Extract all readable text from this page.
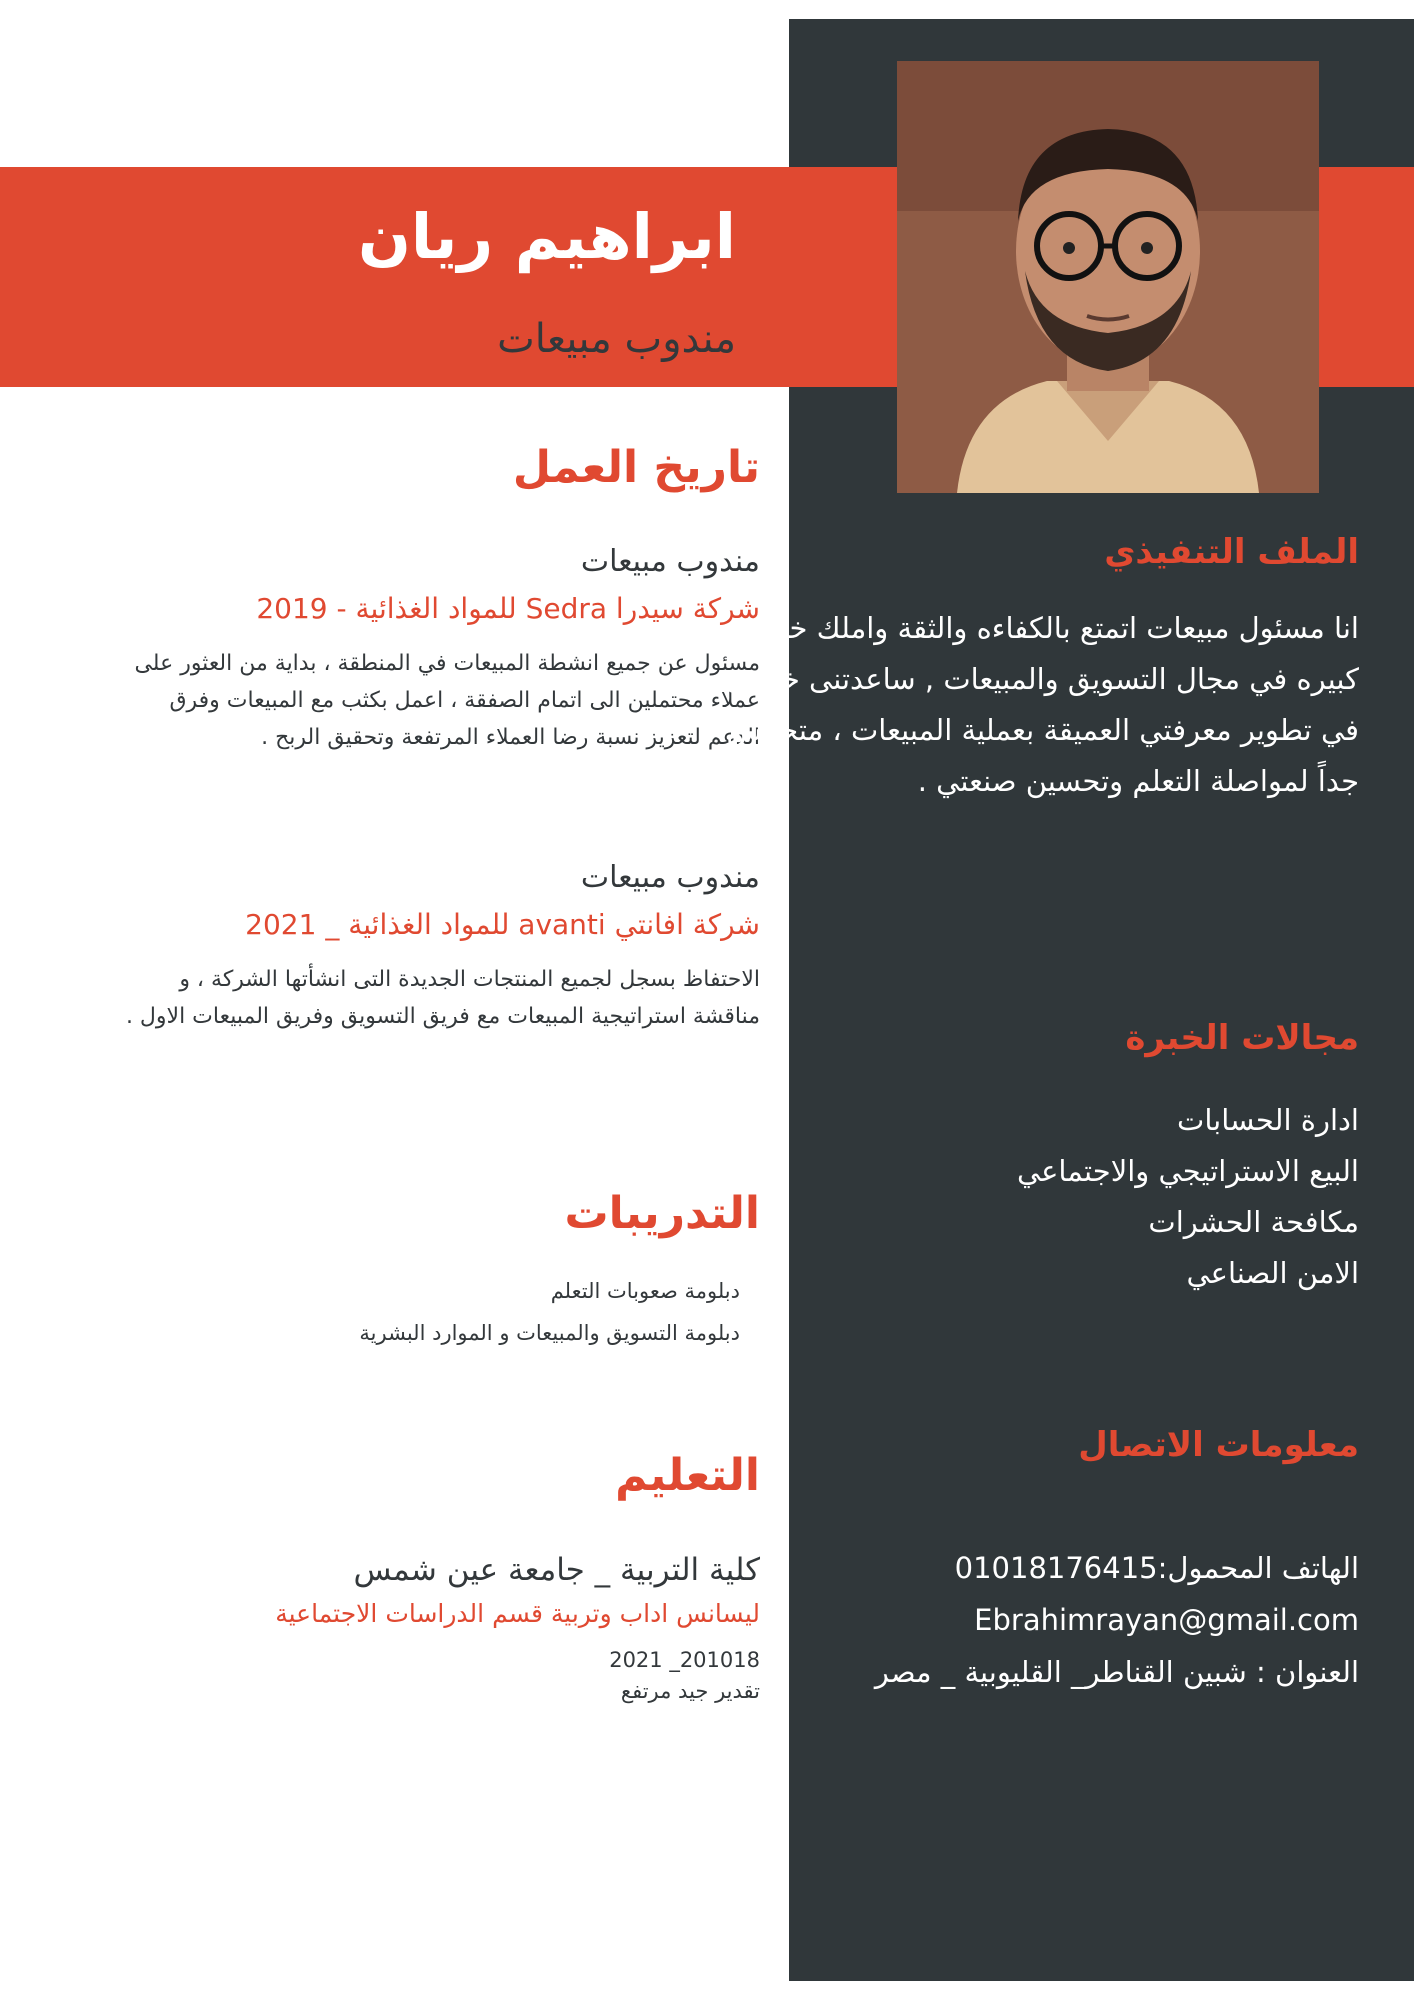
ابراهيم ريان
مندوب مبيعات
تاريخ العمل
مندوب مبيعات
شركة سيدرا Sedra للمواد الغذائية - 2019
مسئول عن جميع انشطة المبيعات في المنطقة ، بداية من العثور على عملاء محتملين الى اتمام الصفقة ، اعمل بكثب مع المبيعات وفرق الدعم لتعزيز نسبة رضا العملاء المرتفعة وتحقيق الربح .
مندوب مبيعات
شركة افانتي avanti للمواد الغذائية _ 2021
الاحتفاظ بسجل لجميع المنتجات الجديدة التى انشأتها الشركة ، و مناقشة استراتيجية المبيعات مع فريق التسويق وفريق المبيعات الاول .
التدريبات
دبلومة صعوبات التعلم
دبلومة التسويق والمبيعات و الموارد البشرية
التعليم
كلية التربية _ جامعة عين شمس
ليسانس اداب وتربية قسم الدراسات الاجتماعية
2021 _201018
تقدير جيد مرتفع
الملف التنفيذي
انا مسئول مبيعات اتمتع بالكفاءه والثقة واملك خبرة كبيره في مجال التسويق والمبيعات , ساعدتنى خبرتي في تطوير معرفتي العميقة بعملية المبيعات ، متحمس جداً لمواصلة التعلم وتحسين صنعتي .
مجالات الخبرة
ادارة الحسابات
البيع الاستراتيجي والاجتماعي
مكافحة الحشرات
الامن الصناعي
معلومات الاتصال
الهاتف المحمول:01018176415
Ebrahimrayan@gmail.com
العنوان : شبين القناطر_ القليوبية _ مصر
